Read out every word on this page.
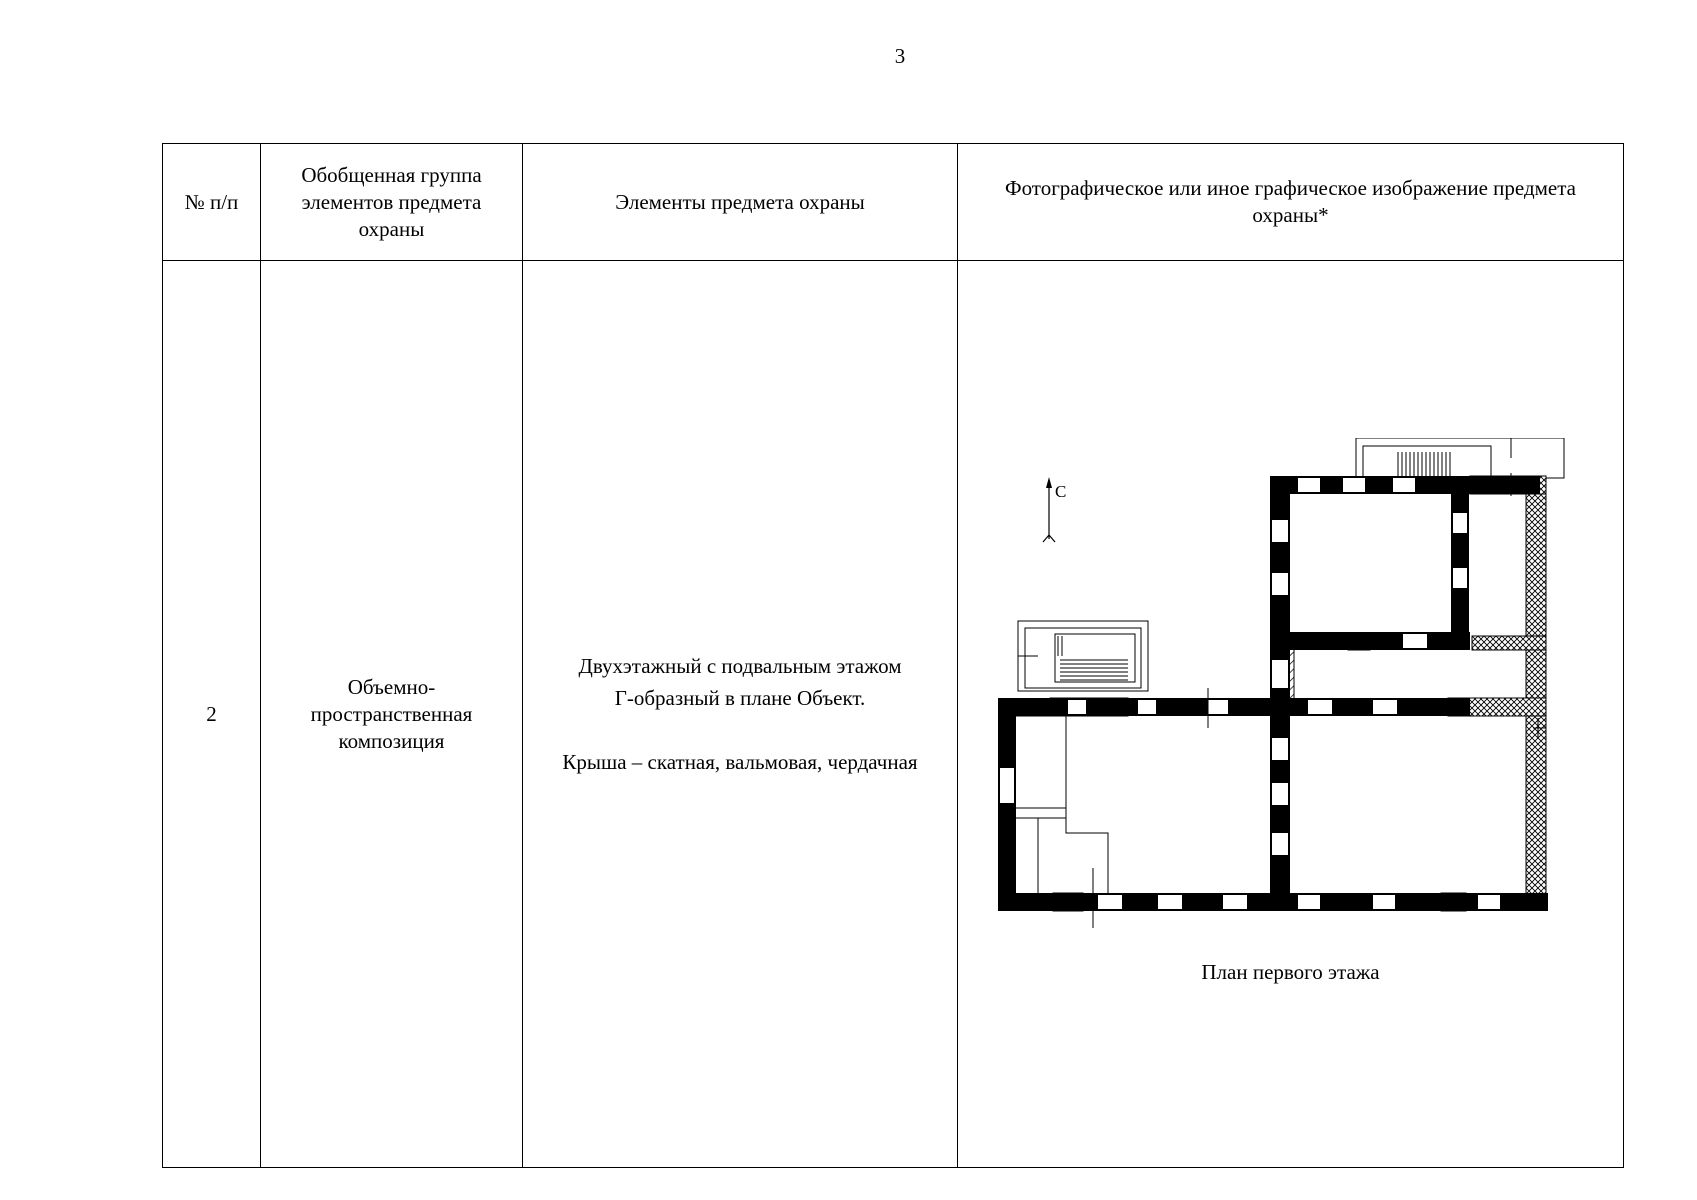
3
№ п/п	Обобщенная группа элементов предмета охраны	Элементы предмета охраны	Фотографическое или иное графическое изображение предмета охраны*
2	Объемно-пространственная композиция	Двухэтажный с подвальным этажом
Г-образный в плане Объект.
Крыша – скатная, вальмовая, чердачная	С
План первого этажа
